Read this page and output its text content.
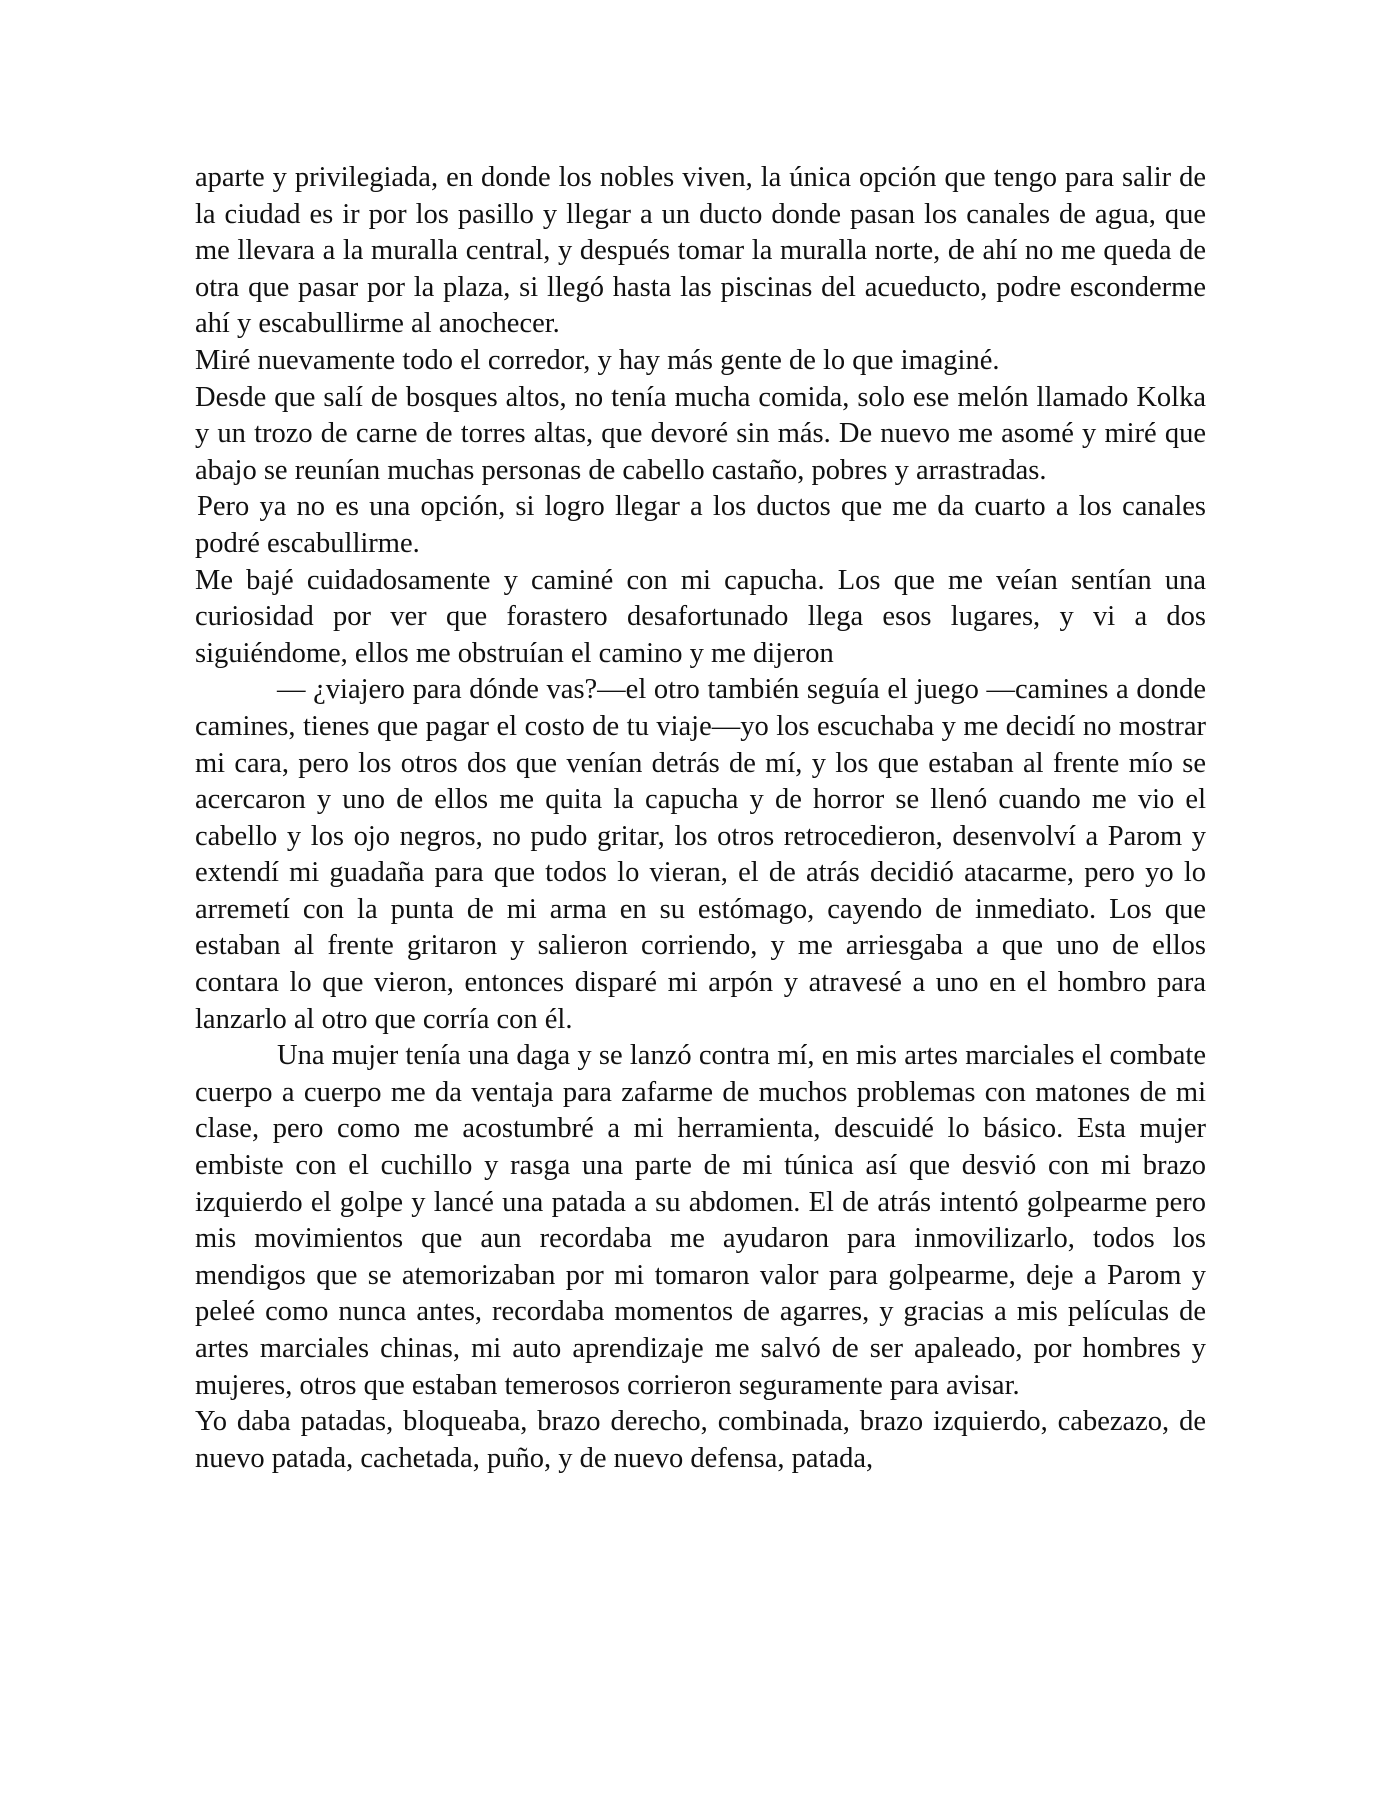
aparte y privilegiada, en donde los nobles viven, la única opción que tengo para salir de la ciudad es ir por los pasillo y llegar a un ducto donde pasan los canales de agua, que me llevara a la muralla central, y después tomar la muralla norte, de ahí no me queda de otra que pasar por la plaza, si llegó hasta las piscinas del acueducto, podre esconderme ahí y escabullirme al anochecer.

Miré nuevamente todo el corredor, y hay más gente de lo que imaginé.

Desde que salí de bosques altos, no tenía mucha comida, solo ese melón llamado Kolka y un trozo de carne de torres altas, que devoré sin más. De nuevo me asomé y miré que abajo se reunían muchas personas de cabello castaño, pobres y arrastradas.

Pero ya no es una opción, si logro llegar a los ductos que me da cuarto a los canales podré escabullirme.

Me bajé cuidadosamente y caminé con mi capucha. Los que me veían sentían una curiosidad por ver que forastero desafortunado llega esos lugares, y vi a dos siguiéndome, ellos me obstruían el camino y me dijeron

— ¿viajero para dónde vas?—el otro también seguía el juego —camines a donde camines, tienes que pagar el costo de tu viaje—yo los escuchaba y me decidí no mostrar mi cara, pero los otros dos que venían detrás de mí, y los que estaban al frente mío se acercaron y uno de ellos me quita la capucha y de horror se llenó cuando me vio el cabello y los ojo negros, no pudo gritar, los otros retrocedieron, desenvolví a Parom y extendí mi guadaña para que todos lo vieran, el de atrás decidió atacarme, pero yo lo arremetí con la punta de mi arma en su estómago, cayendo de inmediato. Los que estaban al frente gritaron y salieron corriendo, y me arriesgaba a que uno de ellos contara lo que vieron, entonces disparé mi arpón y atravesé a uno en el hombro para lanzarlo al otro que corría con él.

Una mujer tenía una daga y se lanzó contra mí, en mis artes marciales el combate cuerpo a cuerpo me da ventaja para zafarme de muchos problemas con matones de mi clase, pero como me acostumbré a mi herramienta, descuidé lo básico. Esta mujer embiste con el cuchillo y rasga una parte de mi túnica así que desvió con mi brazo izquierdo el golpe y lancé una patada a su abdomen. El de atrás intentó golpearme pero mis movimientos que aun recordaba me ayudaron para inmovilizarlo, todos los mendigos que se atemorizaban por mi tomaron valor para golpearme, deje a Parom y peleé como nunca antes, recordaba momentos de agarres, y gracias a mis películas de artes marciales chinas, mi auto aprendizaje me salvó de ser apaleado, por hombres y mujeres, otros que estaban temerosos corrieron seguramente para avisar.

Yo daba patadas, bloqueaba, brazo derecho, combinada, brazo izquierdo, cabezazo, de nuevo patada, cachetada, puño, y de nuevo defensa, patada,
